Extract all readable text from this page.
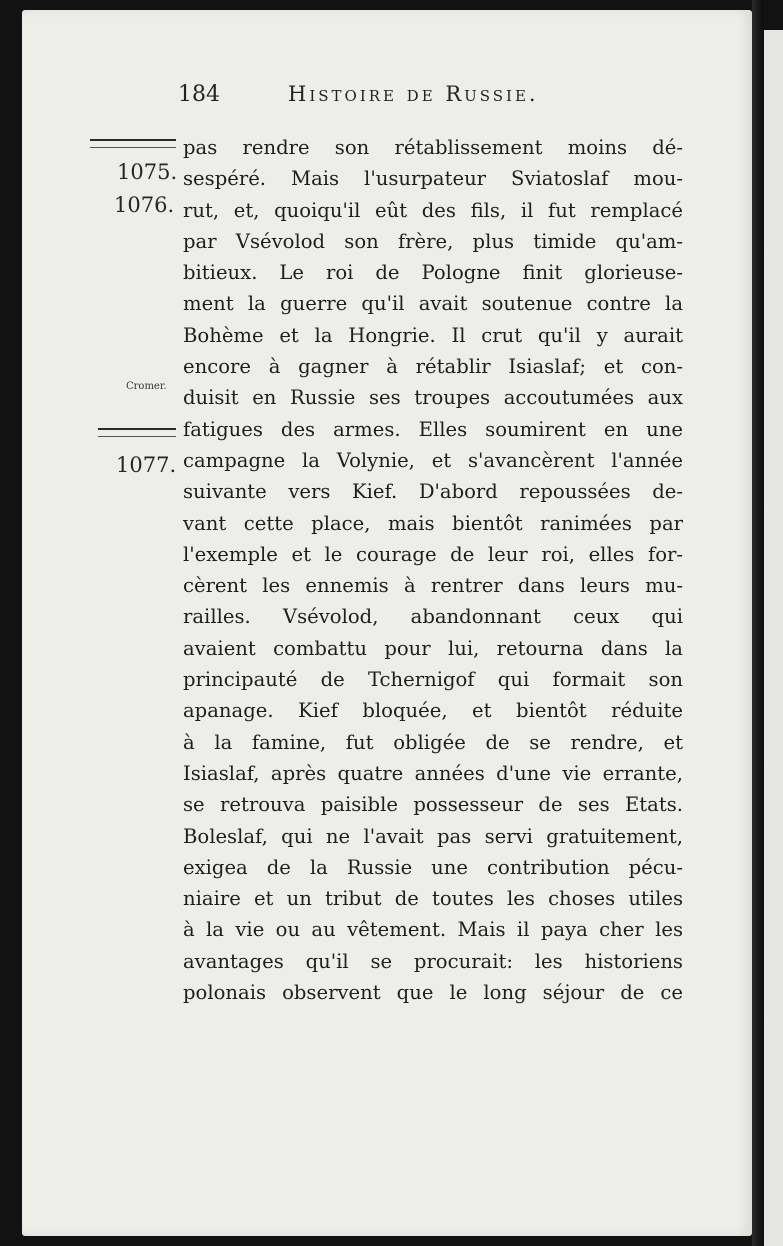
184	Histoire de Russie.
1075.
1076.
Cromer.
1077.
pas rendre son rétablissement moins dé-
sespéré. Mais l'usurpateur Sviatoslaf mou-
rut, et, quoiqu'il eût des fils, il fut remplacé
par Vsévolod son frère, plus timide qu'am-
bitieux. Le roi de Pologne finit glorieuse-
ment la guerre qu'il avait soutenue contre la
Bohème et la Hongrie. Il crut qu'il y aurait
encore à gagner à rétablir Isiaslaf; et con-
duisit en Russie ses troupes accoutumées aux
fatigues des armes. Elles soumirent en une
campagne la Volynie, et s'avancèrent l'année
suivante vers Kief. D'abord repoussées de-
vant cette place, mais bientôt ranimées par
l'exemple et le courage de leur roi, elles for-
cèrent les ennemis à rentrer dans leurs mu-
railles. Vsévolod, abandonnant ceux qui
avaient combattu pour lui, retourna dans la
principauté de Tchernigof qui formait son
apanage. Kief bloquée, et bientôt réduite
à la famine, fut obligée de se rendre, et
Isiaslaf, après quatre années d'une vie errante,
se retrouva paisible possesseur de ses Etats.
Boleslaf, qui ne l'avait pas servi gratuitement,
exigea de la Russie une contribution pécu-
niaire et un tribut de toutes les choses utiles
à la vie ou au vêtement. Mais il paya cher les
avantages qu'il se procurait: les historiens
polonais observent que le long séjour de ce
